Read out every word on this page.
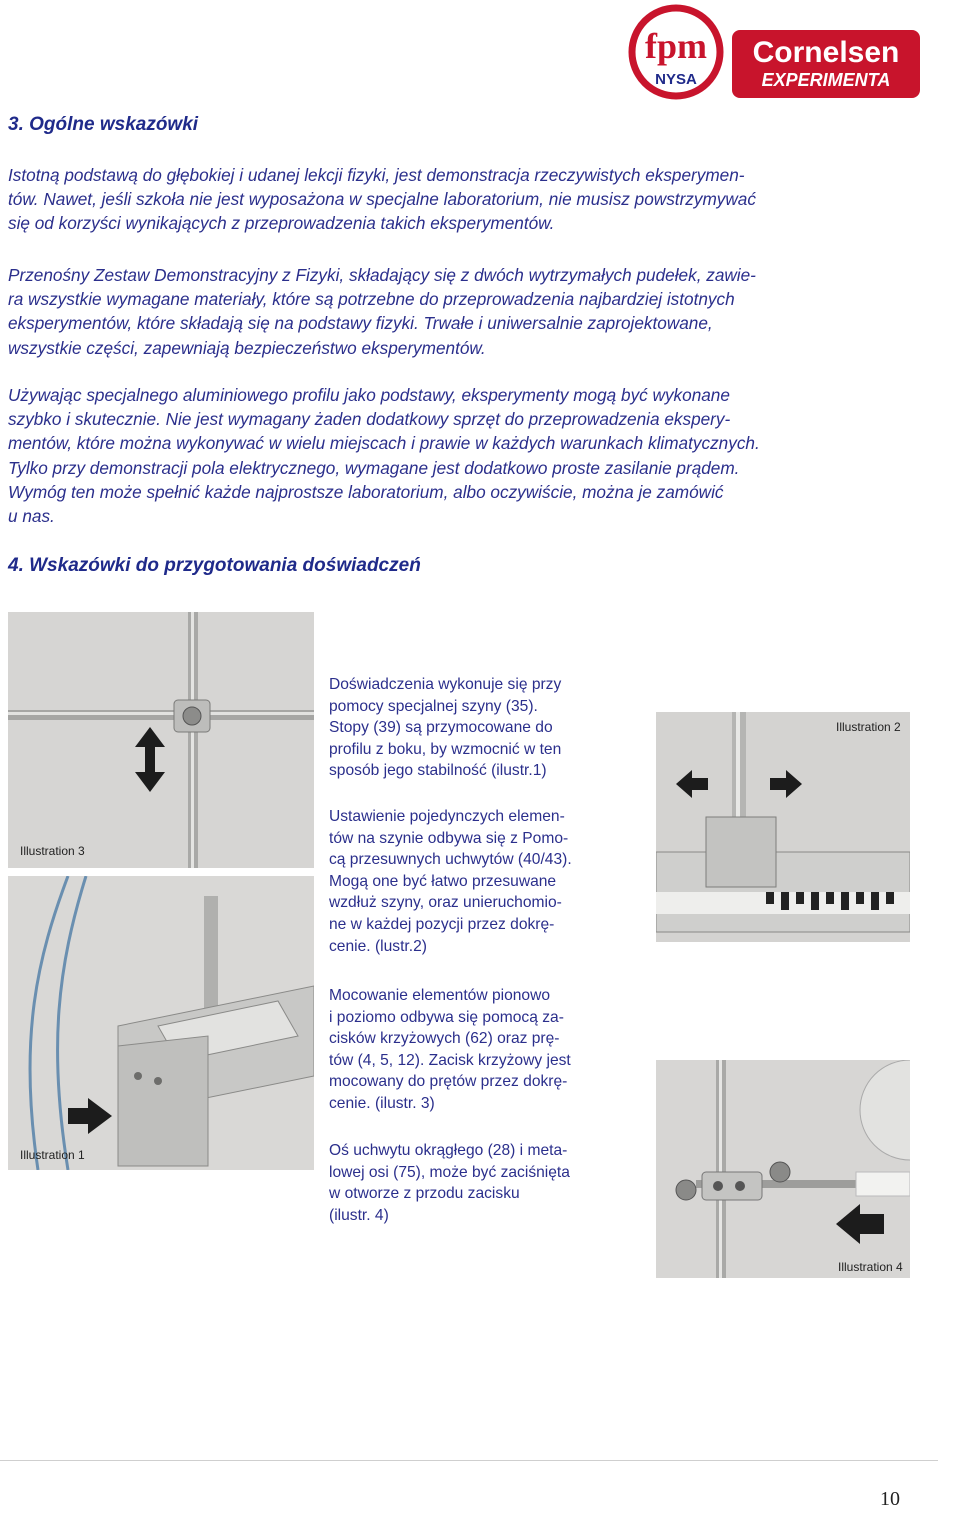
fpm
NYSA
Cornelsen
EXPERIMENTA
3. Ogólne wskazówki

Istotną podstawą do głębokiej i udanej lekcji fizyki, jest demonstracja rzeczywistych eksperymen-

tów. Nawet, jeśli szkoła nie jest wyposażona w specjalne laboratorium, nie musisz powstrzymywać

się od korzyści wynikających z przeprowadzenia takich eksperymentów.

Przenośny Zestaw Demonstracyjny z Fizyki, składający się z dwóch wytrzymałych pudełek, zawie-

ra wszystkie wymagane materiały, które są potrzebne do przeprowadzenia najbardziej istotnych

eksperymentów, które składają się na podstawy fizyki. Trwałe i uniwersalnie zaprojektowane,

wszystkie części, zapewniają bezpieczeństwo eksperymentów.

Używając specjalnego aluminiowego profilu jako podstawy, eksperymenty mogą być wykonane

szybko i skutecznie. Nie jest wymagany żaden dodatkowy sprzęt do przeprowadzenia ekspery-

mentów, które można wykonywać w wielu miejscach i prawie w każdych warunkach klimatycznych.

Tylko przy demonstracji pola elektrycznego, wymagane jest dodatkowo proste zasilanie prądem.

Wymóg ten może spełnić każde najprostsze laboratorium, albo oczywiście, można je zamówić

u nas.

4. Wskazówki do przygotowania doświadczeń
Illustration 3
Illustration 1
Illustration 2
Illustration 4

Doświadczenia wykonuje się przy

pomocy specjalnej szyny (35).

Stopy (39) są przymocowane do

profilu z boku, by wzmocnić w ten

sposób jego stabilność (ilustr.1)

Ustawienie pojedynczych elemen-

tów na szynie odbywa się z Pomo-

cą przesuwnych uchwytów (40/43).

Mogą one być łatwo przesuwane

wzdłuż szyny, oraz unieruchomio-

ne w każdej pozycji przez dokrę-

cenie. (lustr.2)

Mocowanie elementów pionowo

i poziomo odbywa się pomocą za-

cisków krzyżowych (62) oraz prę-

tów (4, 5, 12). Zacisk krzyżowy jest

mocowany do prętów przez dokrę-

cenie. (ilustr. 3)

Oś uchwytu okrągłego (28) i meta-

lowej osi (75), może być zaciśnięta

w otworze z przodu zacisku

(ilustr. 4)

10
